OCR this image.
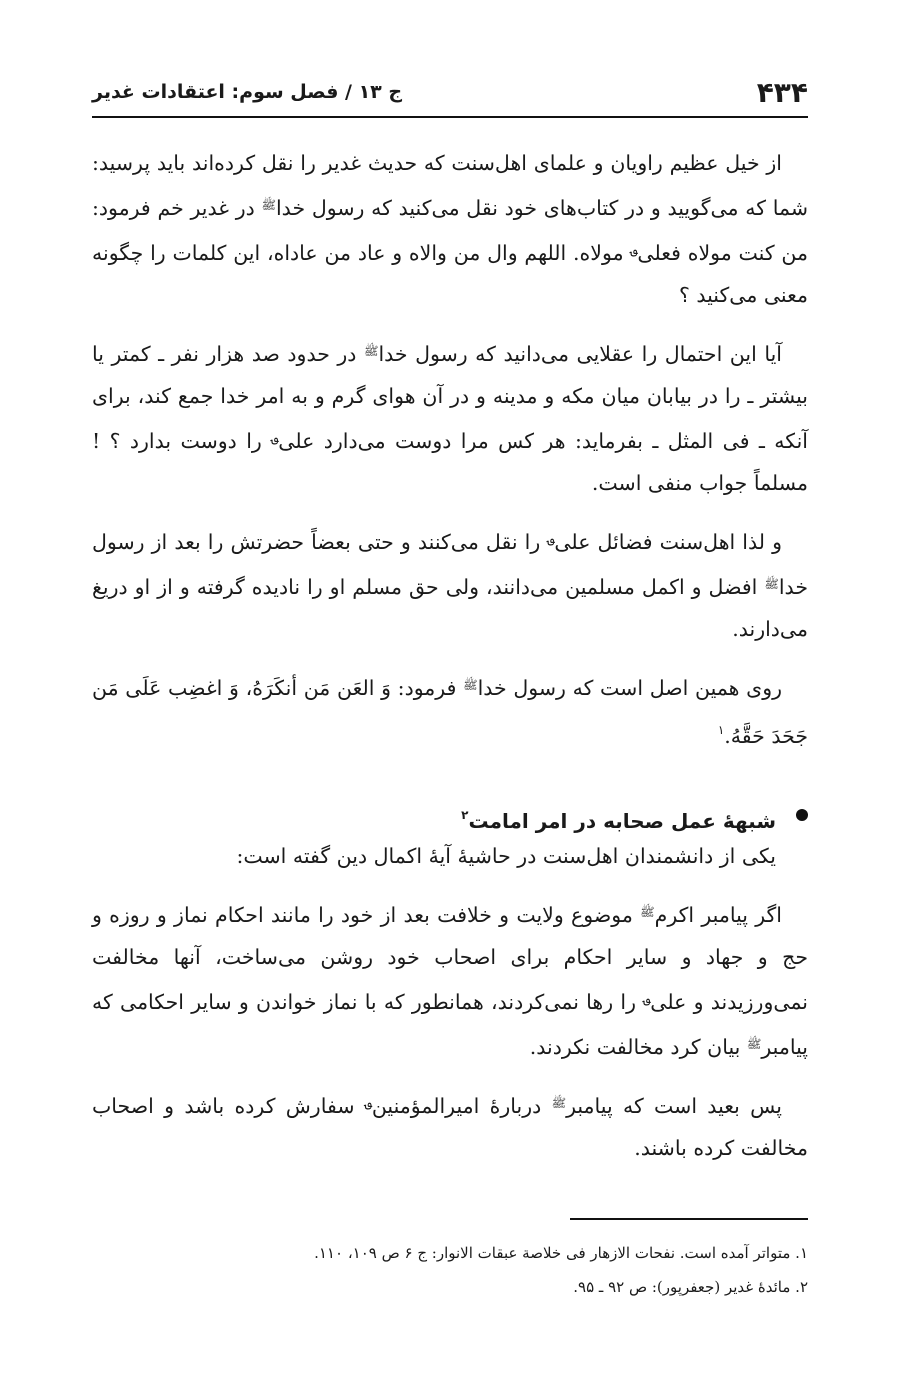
۴۳۴
ج ۱۳ / فصل سوم: اعتقادات غدیر

از خیل عظیم راویان و علمای اهل‌سنت که حدیث غدیر را نقل کرده‌اند باید پرسید: شما که می‌گویید و در کتاب‌های خود نقل می‌کنید که رسول خدا$^ﷺ$ در غدیر خم فرمود: من کنت مولاه فعلی؈ مولاه. اللهم وال من والاه و عاد من عاداه، این کلمات را چگونه معنی می‌کنید ؟

آیا این احتمال را عقلایی می‌دانید که رسول خدا$^ﷺ$ در حدود صد هزار نفر ـ کمتر یا بیشتر ـ را در بیابان میان مکه و مدینه و در آن هوای گرم و به امر خدا جمع کند، برای آنکه ـ فی المثل ـ بفرماید: هر کس مرا دوست می‌دارد علی؈ را دوست بدارد ؟ ! مسلماً جواب منفی است.

و لذا اهل‌سنت فضائل علی؈ را نقل می‌کنند و حتی بعضاً حضرتش را بعد از رسول خدا$^ﷺ$ افضل و اکمل مسلمین می‌دانند، ولی حق مسلم او را نادیده گرفته و از او دریغ می‌دارند.

روی همین اصل است که رسول خدا$^ﷺ$ فرمود: وَ العَن مَن أنکَرَهُ، وَ اغضِب عَلَی مَن جَحَدَ حَقَّهُ.$^۱$

شبههٔ عمل صحابه در امر امامت$^۲$

یکی از دانشمندان اهل‌سنت در حاشیهٔ آیهٔ اکمال دین گفته است:

اگر پیامبر اکرم$^ﷺ$ موضوع ولایت و خلافت بعد از خود را مانند احکام نماز و روزه و حج و جهاد و سایر احکام برای اصحاب خود روشن می‌ساخت، آنها مخالفت نمی‌ورزیدند و علی؈ را رها نمی‌کردند، همانطور که با نماز خواندن و سایر احکامی که پیامبر$^ﷺ$ بیان کرد مخالفت نکردند.

پس بعید است که پیامبر$^ﷺ$ دربارهٔ امیرالمؤمنین؈ سفارش کرده باشد و اصحاب مخالفت کرده باشند.

۱. متواتر آمده است. نفحات الازهار فی خلاصة عبقات الانوار: ج ۶ ص ۱۰۹، ۱۱۰.
۲. مائدهٔ غدیر (جعفرپور): ص ۹۲ ـ ۹۵.
